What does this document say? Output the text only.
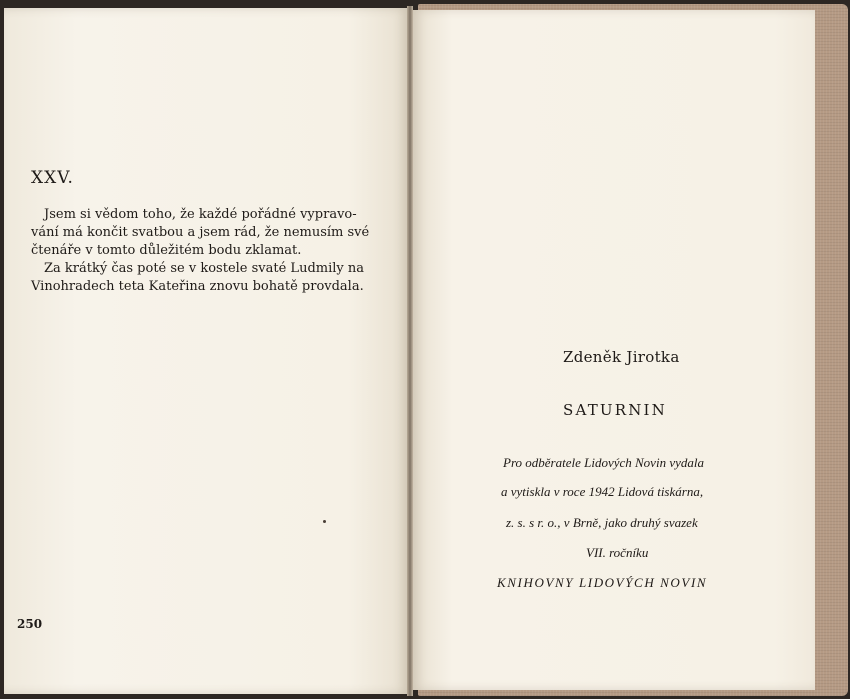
XXV.
Jsem si vědom toho, že každé pořádné vypravo-
vání má končit svatbou a jsem rád, že nemusím své
čtenáře v tomto důležitém bodu zklamat.
Za krátký čas poté se v kostele svaté Ludmily na
Vinohradech teta Kateřina znovu bohatě provdala.
250
Zdeněk Jirotka
SATURNIN
Pro odběratele Lidových Novin vydala
a vytiskla v roce 1942 Lidová tiskárna,
z. s. s r. o., v Brně, jako druhý svazek
VII. ročníku
KNIHOVNY LIDOVÝCH NOVIN
